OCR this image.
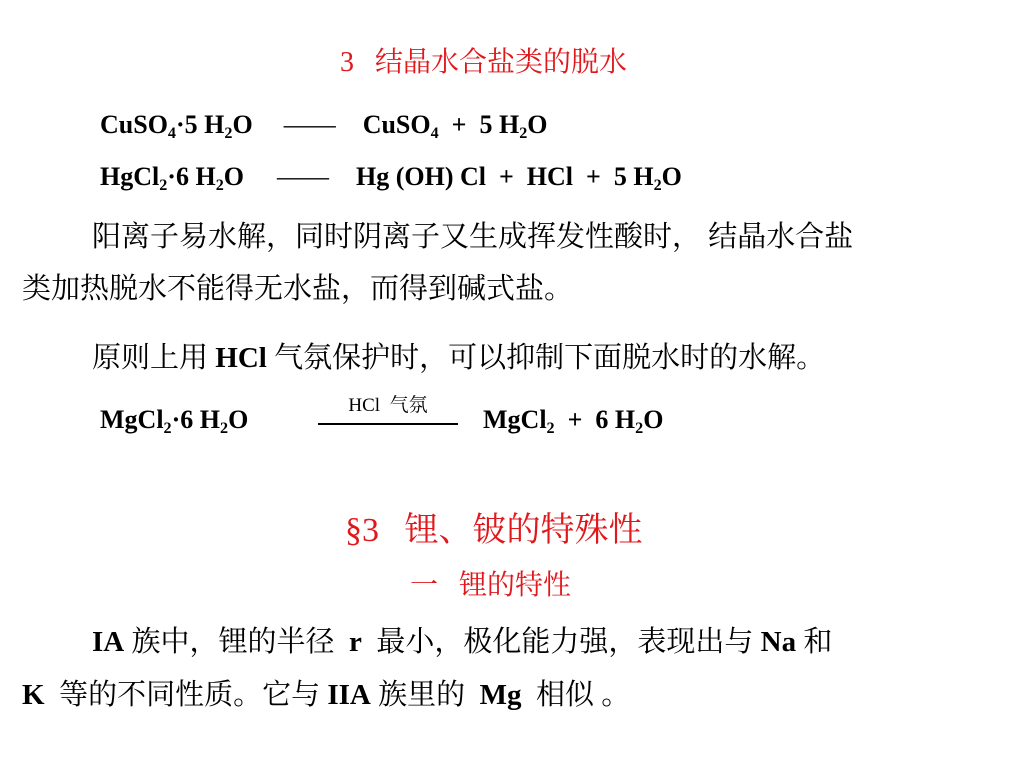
3   结晶水合盐类的脱水
CuSO$_4$·5 $H_2O$ —— CuSO$_4$  +  5 $H_2O$
HgCl$_2$·6 $H_2O$ —— Hg (OH) Cl  +  HCl  +  5 $H_2O$
阳离子易水解，同时阴离子又生成挥发性酸时， 结晶水合盐
类加热脱水不能得无水盐，而得到碱式盐。
原则上用 HCl 气氛保护时，可以抑制下面脱水时的水解。
MgCl$_2$·6 $H_2O$	HCl  气氛	MgCl$_2$  +  6 $H_2O$
§3   锂、铍的特殊性
一   锂的特性
IA 族中，锂的半径  r  最小，极化能力强，表现出与 Na 和
K  等的不同性质。它与 IIA 族里的  Mg  相似 。
